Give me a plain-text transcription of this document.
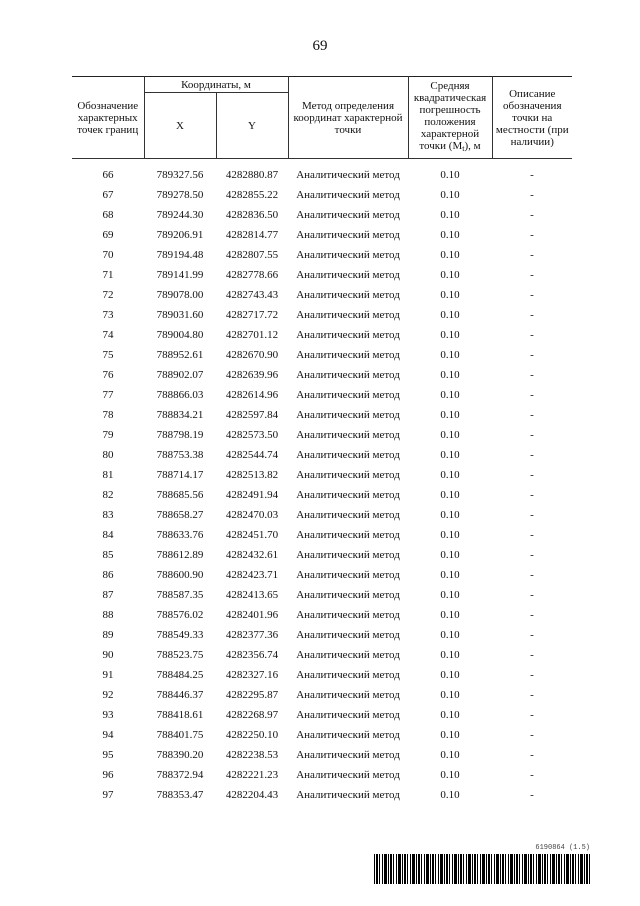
69
Обозначение характерных точек границ	Координаты, м		Метод определения координат характерной точки	Средняя квадратическая погрешность положения характерной точки $(M_t)$, м	Описание обозначения точки на местности (при наличии)
	X	Y			
66	789327.56	4282880.87	Аналитический метод	0.10	-
67	789278.50	4282855.22	Аналитический метод	0.10	-
68	789244.30	4282836.50	Аналитический метод	0.10	-
69	789206.91	4282814.77	Аналитический метод	0.10	-
70	789194.48	4282807.55	Аналитический метод	0.10	-
71	789141.99	4282778.66	Аналитический метод	0.10	-
72	789078.00	4282743.43	Аналитический метод	0.10	-
73	789031.60	4282717.72	Аналитический метод	0.10	-
74	789004.80	4282701.12	Аналитический метод	0.10	-
75	788952.61	4282670.90	Аналитический метод	0.10	-
76	788902.07	4282639.96	Аналитический метод	0.10	-
77	788866.03	4282614.96	Аналитический метод	0.10	-
78	788834.21	4282597.84	Аналитический метод	0.10	-
79	788798.19	4282573.50	Аналитический метод	0.10	-
80	788753.38	4282544.74	Аналитический метод	0.10	-
81	788714.17	4282513.82	Аналитический метод	0.10	-
82	788685.56	4282491.94	Аналитический метод	0.10	-
83	788658.27	4282470.03	Аналитический метод	0.10	-
84	788633.76	4282451.70	Аналитический метод	0.10	-
85	788612.89	4282432.61	Аналитический метод	0.10	-
86	788600.90	4282423.71	Аналитический метод	0.10	-
87	788587.35	4282413.65	Аналитический метод	0.10	-
88	788576.02	4282401.96	Аналитический метод	0.10	-
89	788549.33	4282377.36	Аналитический метод	0.10	-
90	788523.75	4282356.74	Аналитический метод	0.10	-
91	788484.25	4282327.16	Аналитический метод	0.10	-
92	788446.37	4282295.87	Аналитический метод	0.10	-
93	788418.61	4282268.97	Аналитический метод	0.10	-
94	788401.75	4282250.10	Аналитический метод	0.10	-
95	788390.20	4282238.53	Аналитический метод	0.10	-
96	788372.94	4282221.23	Аналитический метод	0.10	-
97	788353.47	4282204.43	Аналитический метод	0.10	-
6190864 (1.5)
